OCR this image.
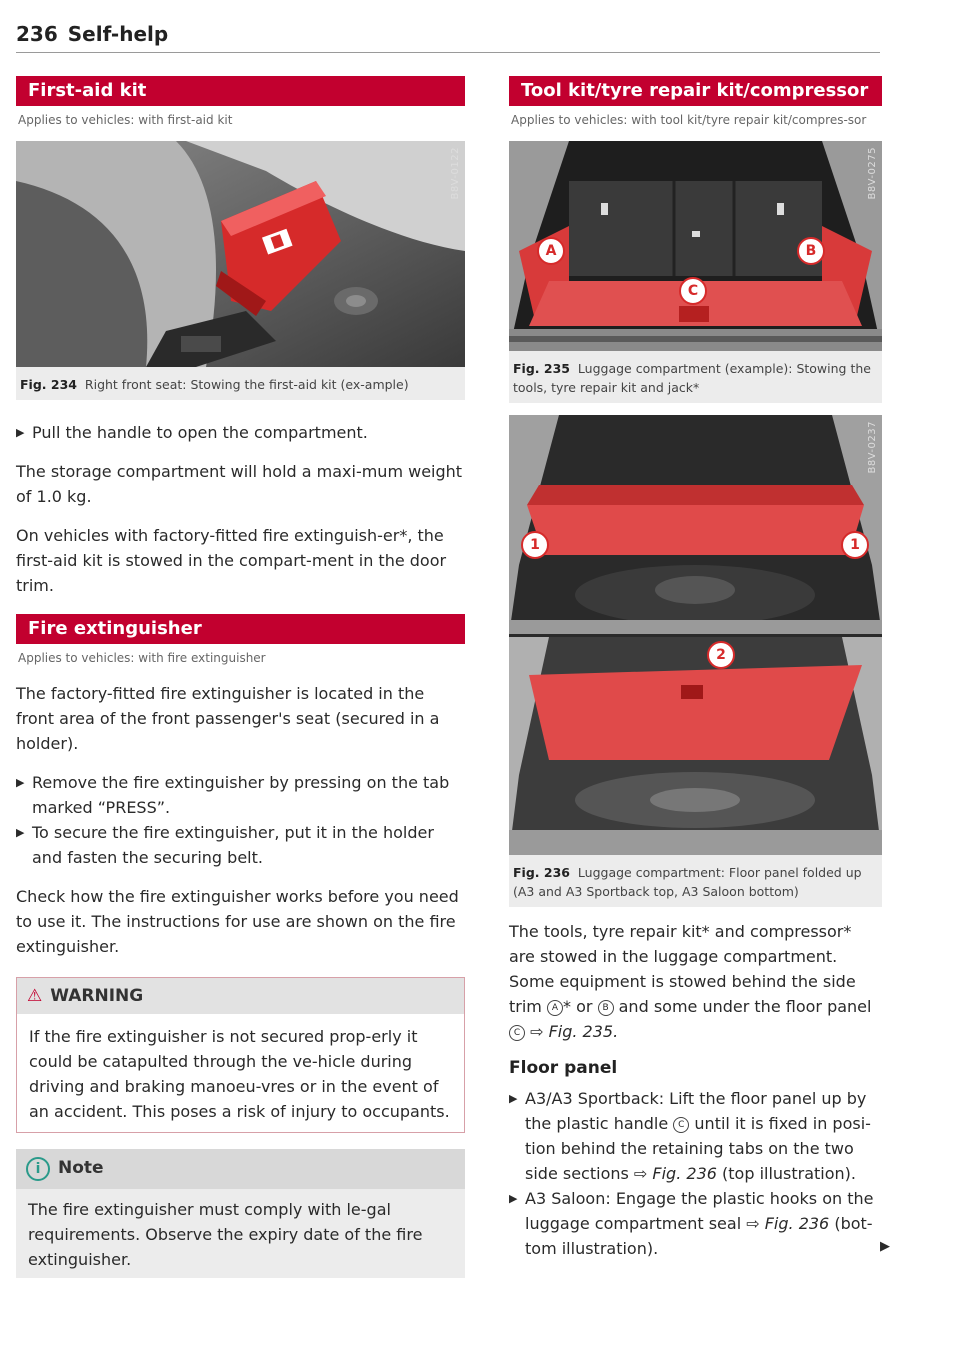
236 Self-help
First-aid kit
Applies to vehicles: with first-aid kit
B8V-0122
Fig. 234 Right front seat: Stowing the first-aid kit (ex-ample)
▶ Pull the handle to open the compartment.

The storage compartment will hold a maxi-mum weight of 1.0 kg.

On vehicles with factory-fitted fire extinguish-er*, the first-aid kit is stowed in the compart-ment in the door trim.

Fire extinguisher
Applies to vehicles: with fire extinguisher

The factory-fitted fire extinguisher is located in the front area of the front passenger's seat (secured in a holder).

▶ Remove the fire extinguisher by pressing on the tab marked “PRESS”.
▶ To secure the fire extinguisher, put it in the holder and fasten the securing belt.

Check how the fire extinguisher works before you need to use it. The instructions for use are shown on the fire extinguisher.

⚠ WARNING
If the fire extinguisher is not secured prop-erly it could be catapulted through the ve-hicle during driving and braking manoeu-vres or in the event of an accident. This poses a risk of injury to occupants.
i Note
The fire extinguisher must comply with le-gal requirements. Observe the expiry date of the fire extinguisher.
Tool kit/tyre repair kit/compressor
Applies to vehicles: with tool kit/tyre repair kit/compres-sor
A	B
C
B8V-0275
Fig. 235 Luggage compartment (example): Stowing the tools, tyre repair kit and jack*
1	1
2
B8V-0237
Fig. 236 Luggage compartment: Floor panel folded up (A3 and A3 Sportback top, A3 Saloon bottom)

The tools, tyre repair kit* and compressor* are stowed in the luggage compartment. Some equipment is stowed behind the side trim A * or B and some under the floor panel C ⇨ Fig. 235.

Floor panel
▶ A3/A3 Sportback: Lift the floor panel up by the plastic handle C until it is fixed in posi-tion behind the retaining tabs on the two side sections ⇨ Fig. 236 (top illustration).
▶ A3 Saloon: Engage the plastic hooks on the luggage compartment seal ⇨ Fig. 236 (bot-tom illustration).	▶
